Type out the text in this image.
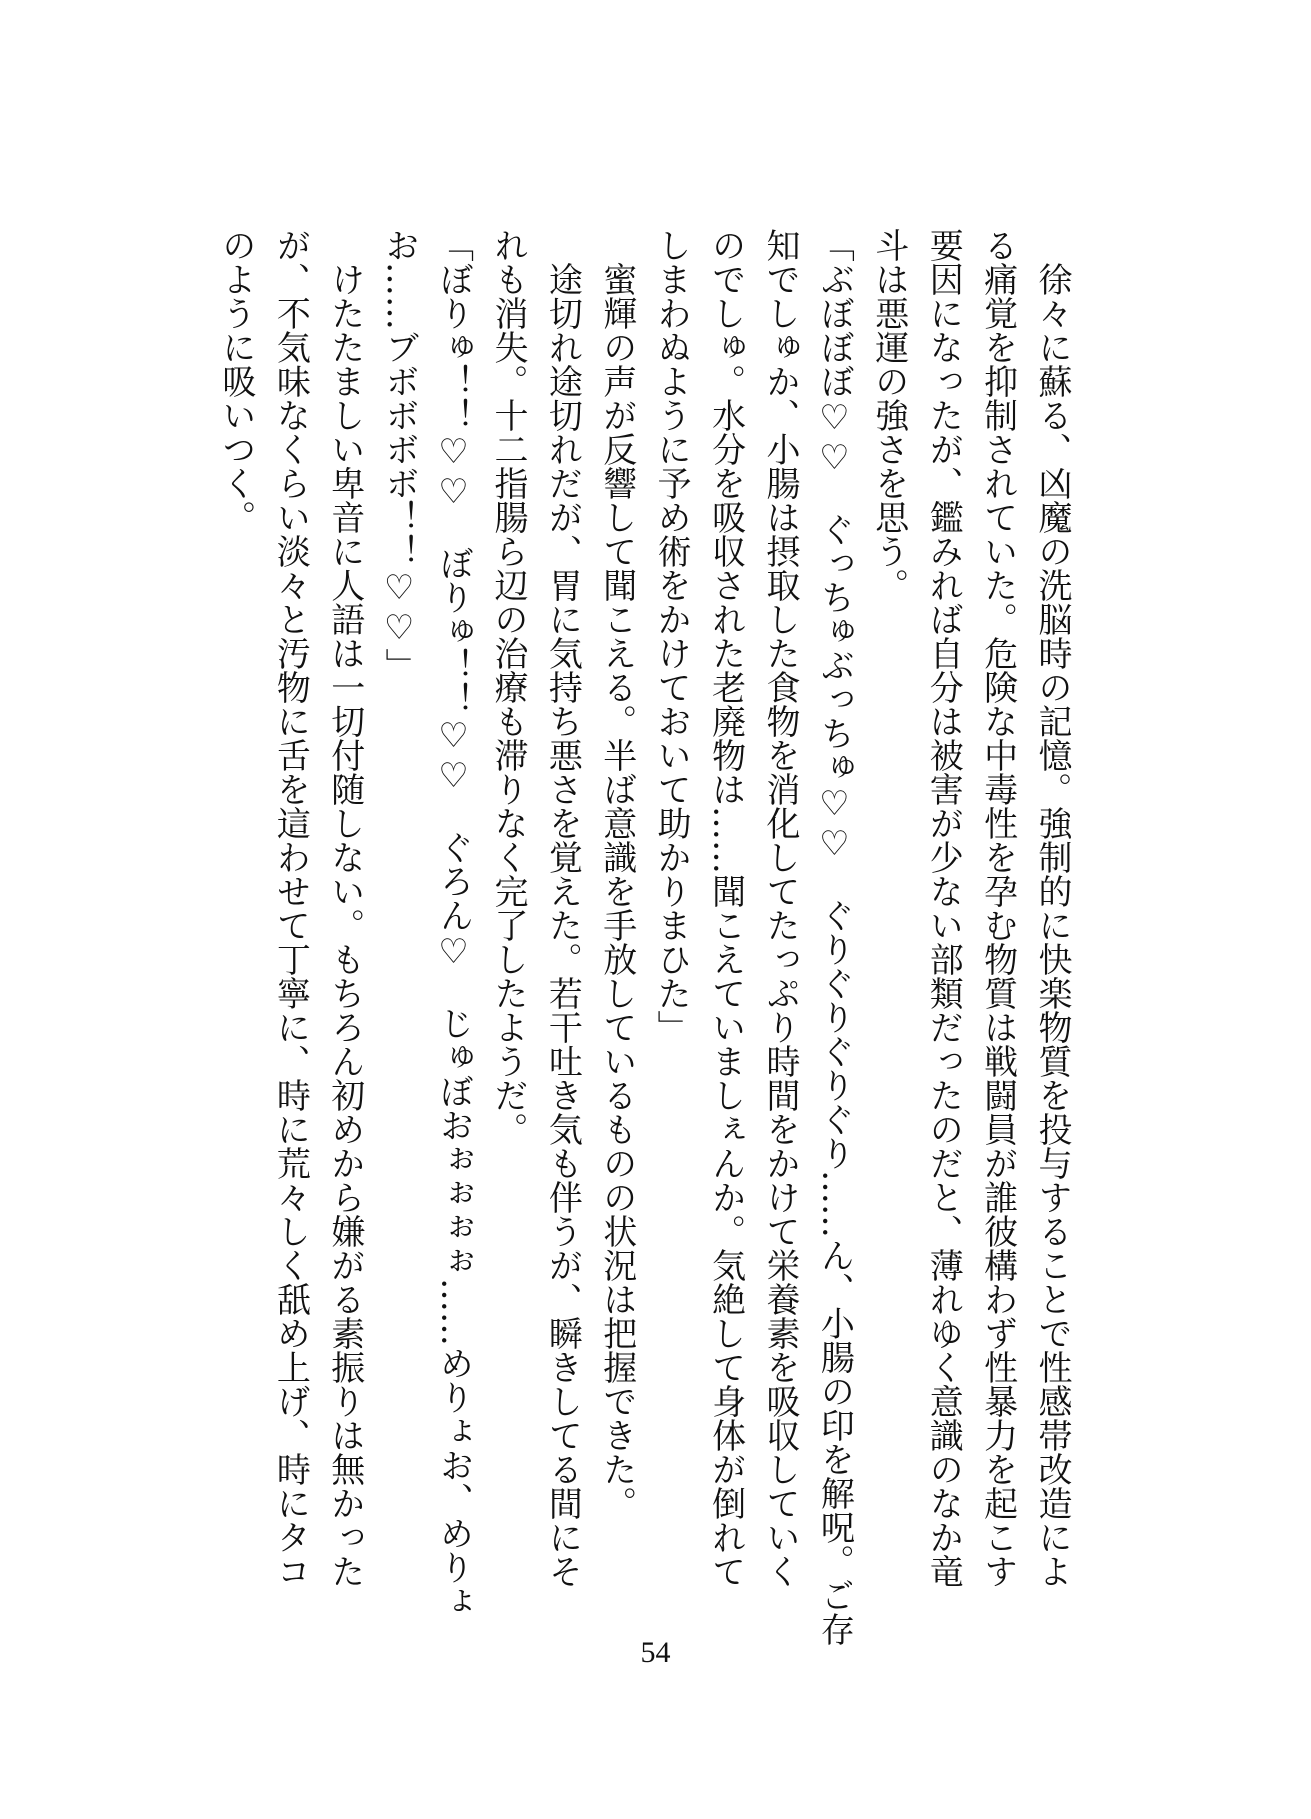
　徐々に蘇る、凶魔の洗脳時の記憶。強制的に快楽物質を投与することで性感帯改造によ
る痛覚を抑制されていた。危険な中毒性を孕む物質は戦闘員が誰彼構わず性暴力を起こす
要因になったが、鑑みれば自分は被害が少ない部類だったのだと、薄れゆく意識のなか竜
斗は悪運の強さを思う。
「ぶぼぼぼ♡♡　ぐっちゅぶっちゅ♡♡　ぐりぐりぐりぐり……ん、小腸の印を解呪。ご存
知でしゅか、小腸は摂取した食物を消化してたっぷり時間をかけて栄養素を吸収していく
のでしゅ。水分を吸収された老廃物は……聞こえていましぇんか。気絶して身体が倒れて
しまわぬように予め術をかけておいて助かりまひた」
　蜜輝の声が反響して聞こえる。半ば意識を手放しているものの状況は把握できた。
　途切れ途切れだが、胃に気持ち悪さを覚えた。若干吐き気も伴うが、瞬きしてる間にそ
れも消失。十二指腸ら辺の治療も滞りなく完了したようだ。
「ぼりゅ！！♡♡　ぼりゅ！！♡♡　ぐろん♡　じゅぼおぉぉぉぉ……めりょお、めりょ
お……ブボボボボ！！♡♡」
　けたたましい卑音に人語は一切付随しない。もちろん初めから嫌がる素振りは無かった
が、不気味なくらい淡々と汚物に舌を這わせて丁寧に、時に荒々しく舐め上げ、時にタコ
のように吸いつく。
54
